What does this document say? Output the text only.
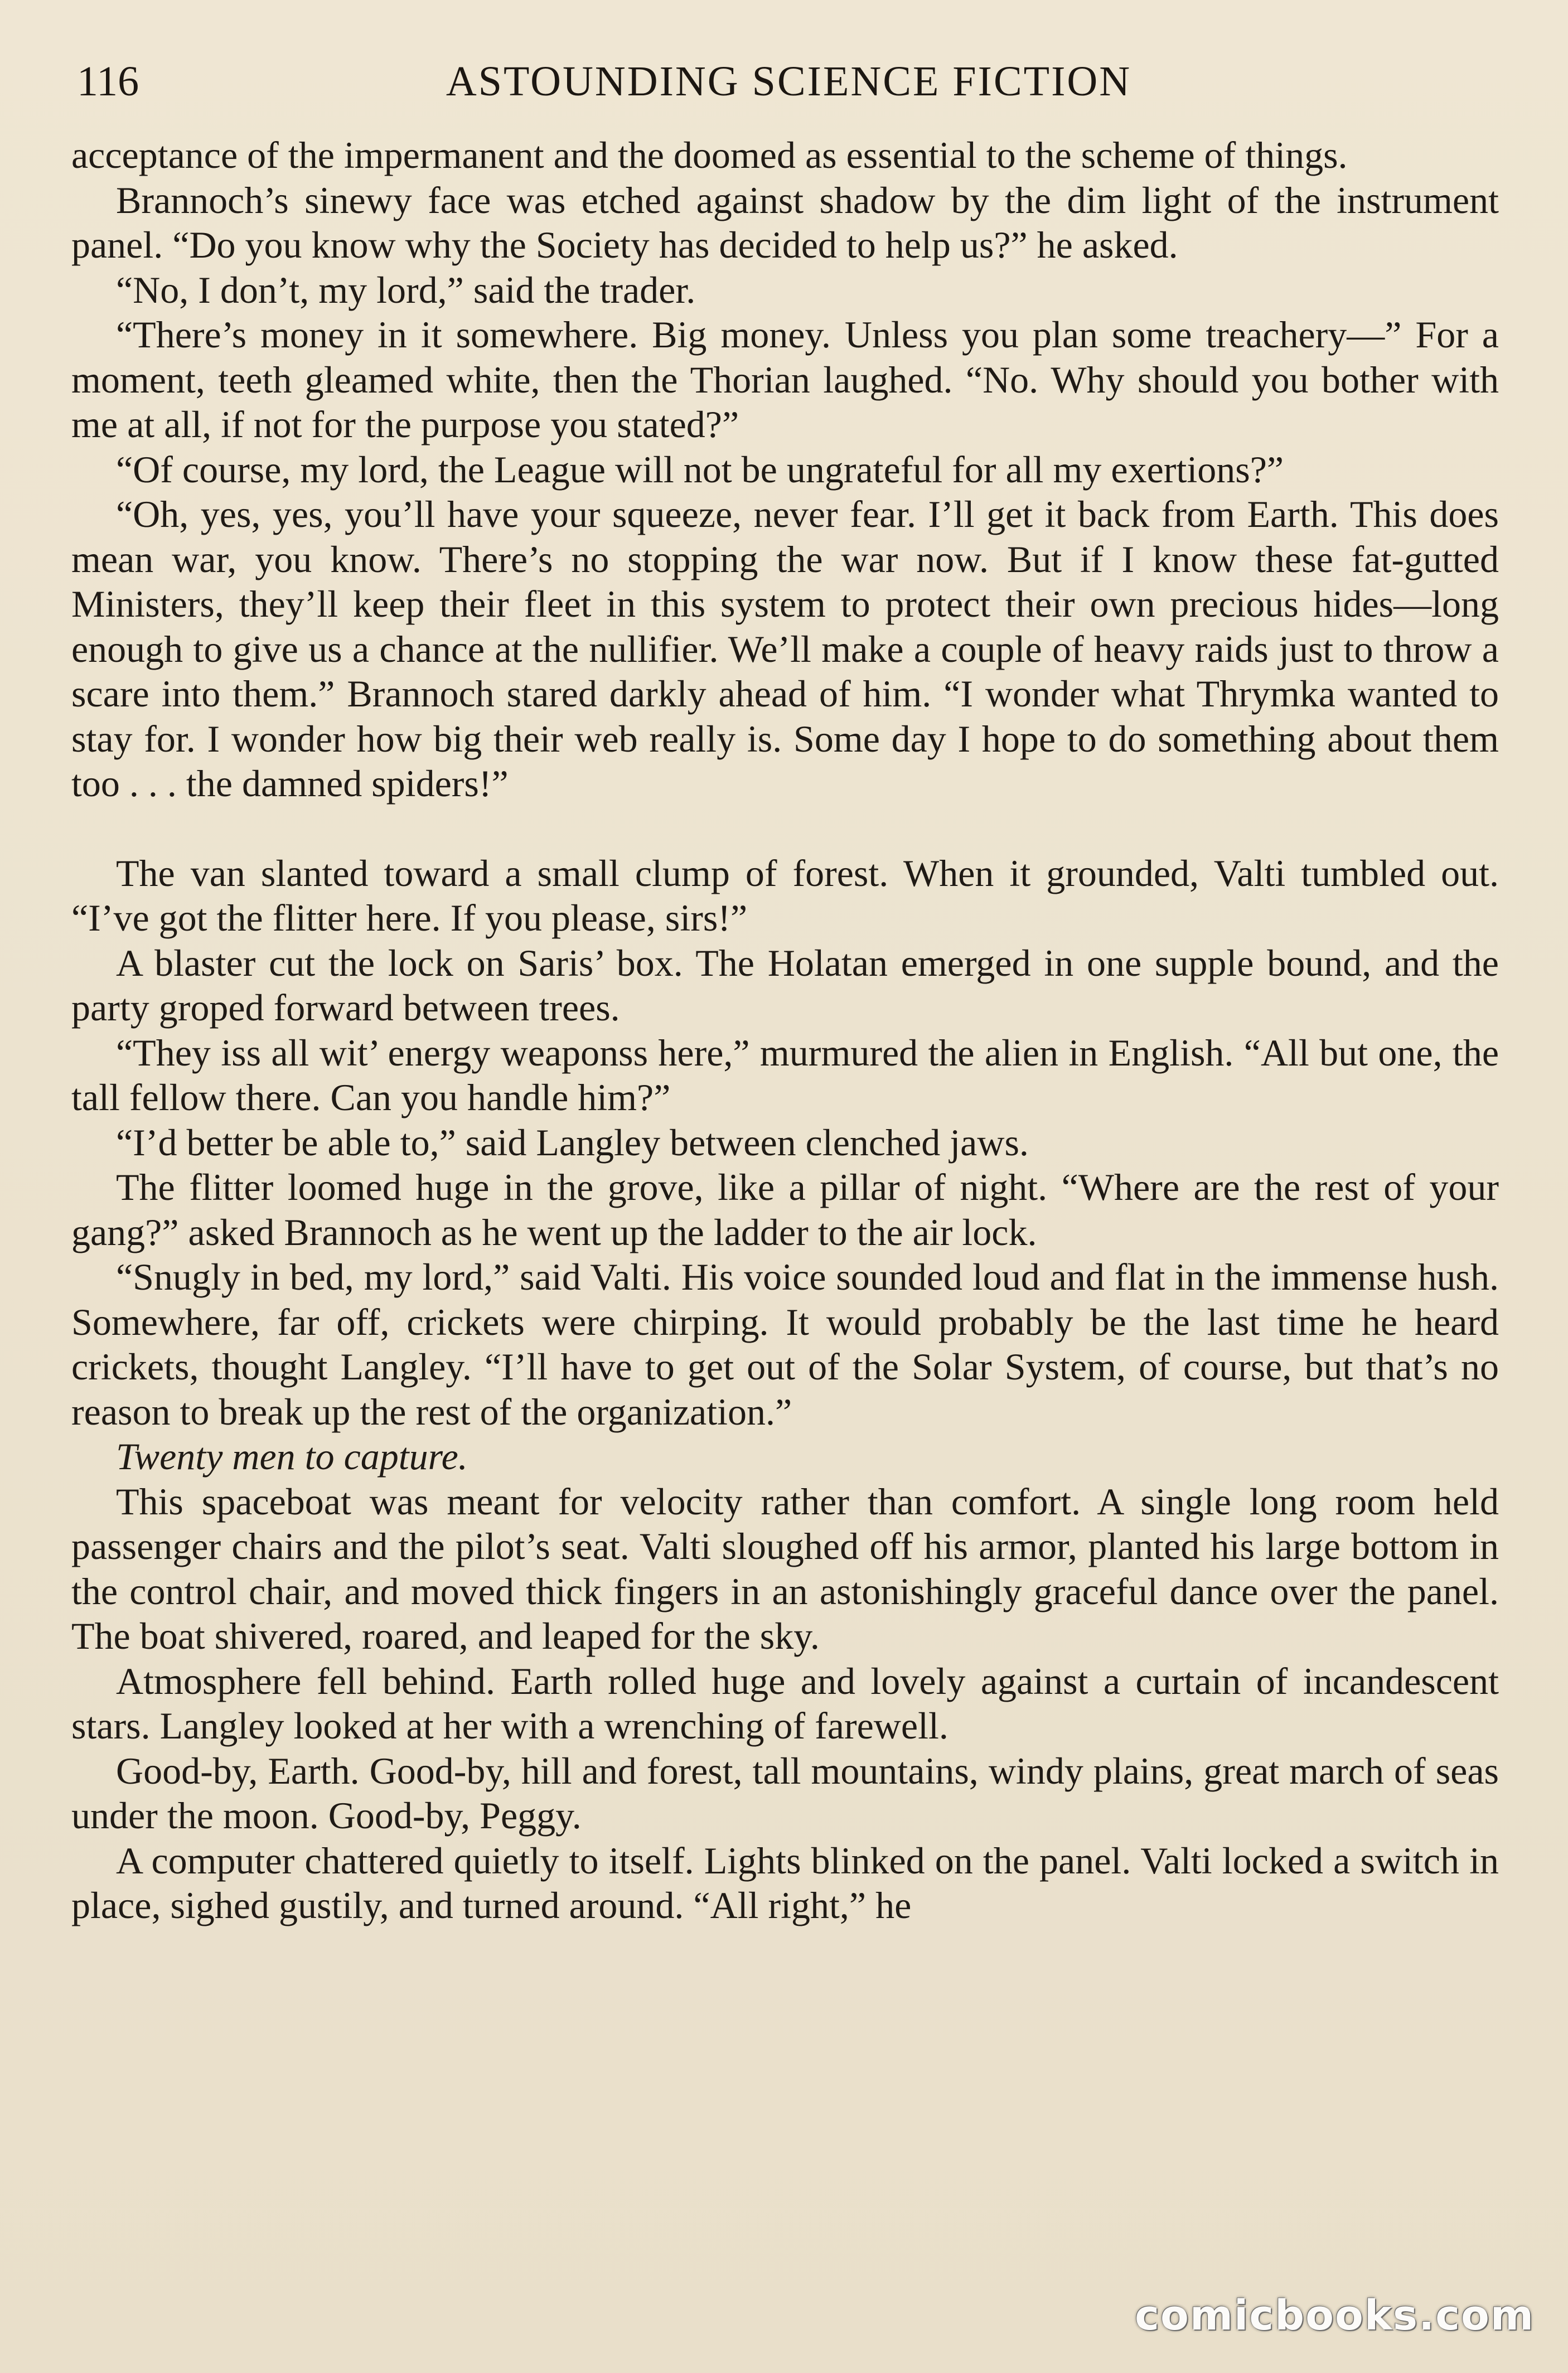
116	ASTOUNDING SCIENCE FICTION

acceptance of the impermanent and the doomed as essential to the scheme of things.

Brannoch’s sinewy face was etched against shadow by the dim light of the instrument panel. “Do you know why the Society has decided to help us?” he asked.

“No, I don’t, my lord,” said the trader.

“There’s money in it somewhere. Big money. Unless you plan some treachery—” For a moment, teeth gleamed white, then the Thorian laughed. “No. Why should you bother with me at all, if not for the purpose you stated?”

“Of course, my lord, the League will not be ungrateful for all my exertions?”

“Oh, yes, yes, you’ll have your squeeze, never fear. I’ll get it back from Earth. This does mean war, you know. There’s no stopping the war now. But if I know these fat-gutted Ministers, they’ll keep their fleet in this system to protect their own precious hides—long enough to give us a chance at the nullifier. We’ll make a couple of heavy raids just to throw a scare into them.” Brannoch stared darkly ahead of him. “I wonder what Thrymka wanted to stay for. I wonder how big their web really is. Some day I hope to do something about them too . . . the damned spiders!”

The van slanted toward a small clump of forest. When it grounded, Valti tumbled out. “I’ve got the flitter here. If you please, sirs!”

A blaster cut the lock on Saris’ box. The Holatan emerged in one supple bound, and the party groped forward between trees.

“They iss all wit’ energy weaponss here,” murmured the alien in English. “All but one, the tall fellow there. Can you handle him?”

“I’d better be able to,” said Langley between clenched jaws.

The flitter loomed huge in the grove, like a pillar of night. “Where are the rest of your gang?” asked Brannoch as he went up the ladder to the air lock.

“Snugly in bed, my lord,” said Valti. His voice sounded loud and flat in the immense hush. Somewhere, far off, crickets were chirping. It would probably be the last time he heard crickets, thought Langley. “I’ll have to get out of the Solar System, of course, but that’s no reason to break up the rest of the organization.”

Twenty men to capture.

This spaceboat was meant for velocity rather than comfort. A single long room held passenger chairs and the pilot’s seat. Valti sloughed off his armor, planted his large bottom in the control chair, and moved thick fingers in an astonishingly graceful dance over the panel. The boat shivered, roared, and leaped for the sky.

Atmosphere fell behind. Earth rolled huge and lovely against a curtain of incandescent stars. Langley looked at her with a wrenching of farewell.

Good-by, Earth. Good-by, hill and forest, tall mountains, windy plains, great march of seas under the moon. Good-by, Peggy.

A computer chattered quietly to itself. Lights blinked on the panel. Valti locked a switch in place, sighed gustily, and turned around. “All right,” he

comicbooks.com
